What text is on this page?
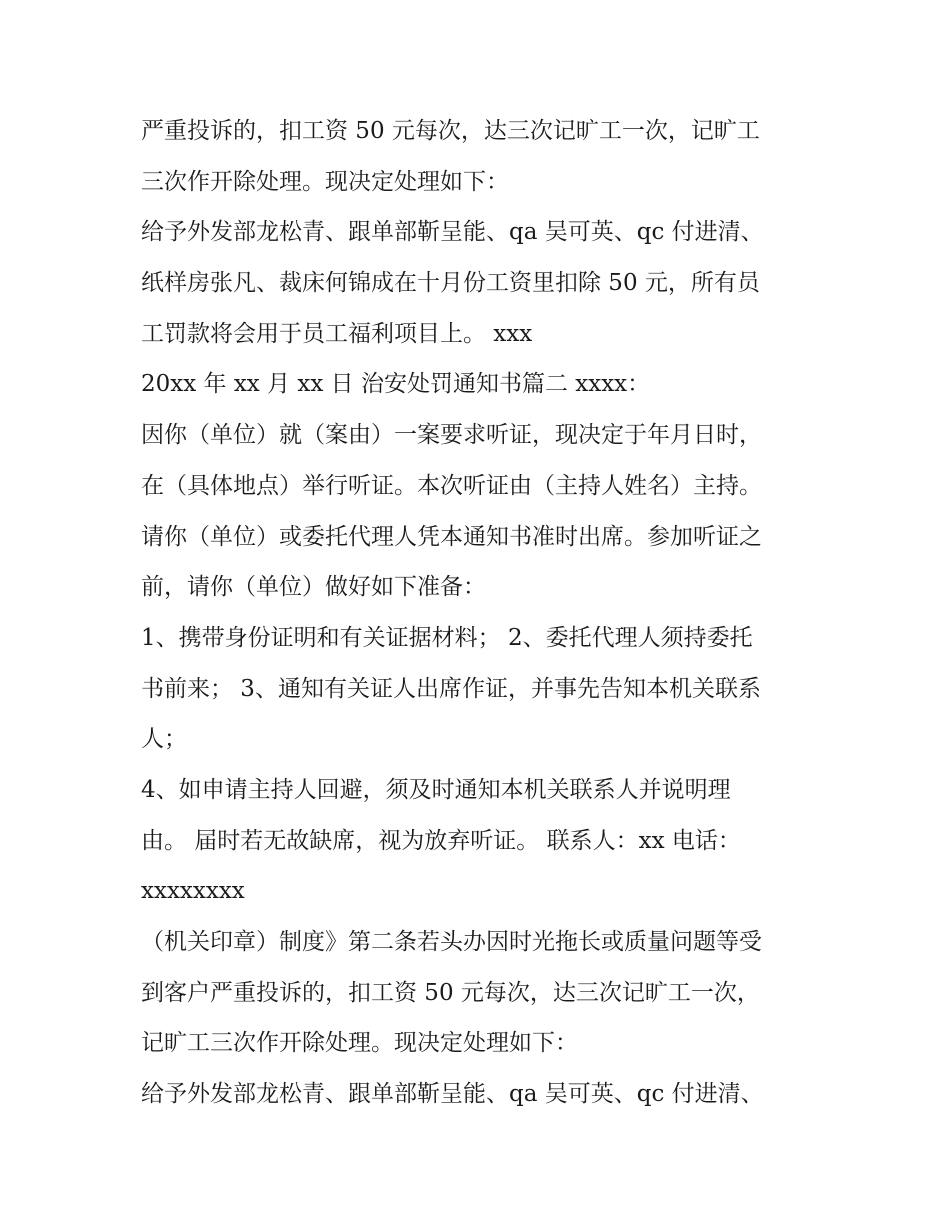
严重投诉的，扣工资 50 元每次，达三次记旷工一次，记旷工
三次作开除处理。现决定处理如下：
给予外发部龙松青、跟单部靳呈能、qa 吴可英、qc 付进清、
纸样房张凡、裁床何锦成在十月份工资里扣除 50 元，所有员
工罚款将会用于员工福利项目上。 xxx
20xx 年 xx 月 xx 日 治安处罚通知书篇二 xxxx：
因你（单位）就（案由）一案要求听证，现决定于年月日时，
在（具体地点）举行听证。本次听证由（主持人姓名）主持。
请你（单位）或委托代理人凭本通知书准时出席。参加听证之
前，请你（单位）做好如下准备：
1、携带身份证明和有关证据材料； 2、委托代理人须持委托
书前来； 3、通知有关证人出席作证，并事先告知本机关联系
人；
4、如申请主持人回避，须及时通知本机关联系人并说明理
由。 届时若无故缺席，视为放弃听证。 联系人：xx 电话：
xxxxxxxx
（机关印章）制度》第二条若头办因时光拖长或质量问题等受
到客户严重投诉的，扣工资 50 元每次，达三次记旷工一次，
记旷工三次作开除处理。现决定处理如下：
给予外发部龙松青、跟单部靳呈能、qa 吴可英、qc 付进清、
